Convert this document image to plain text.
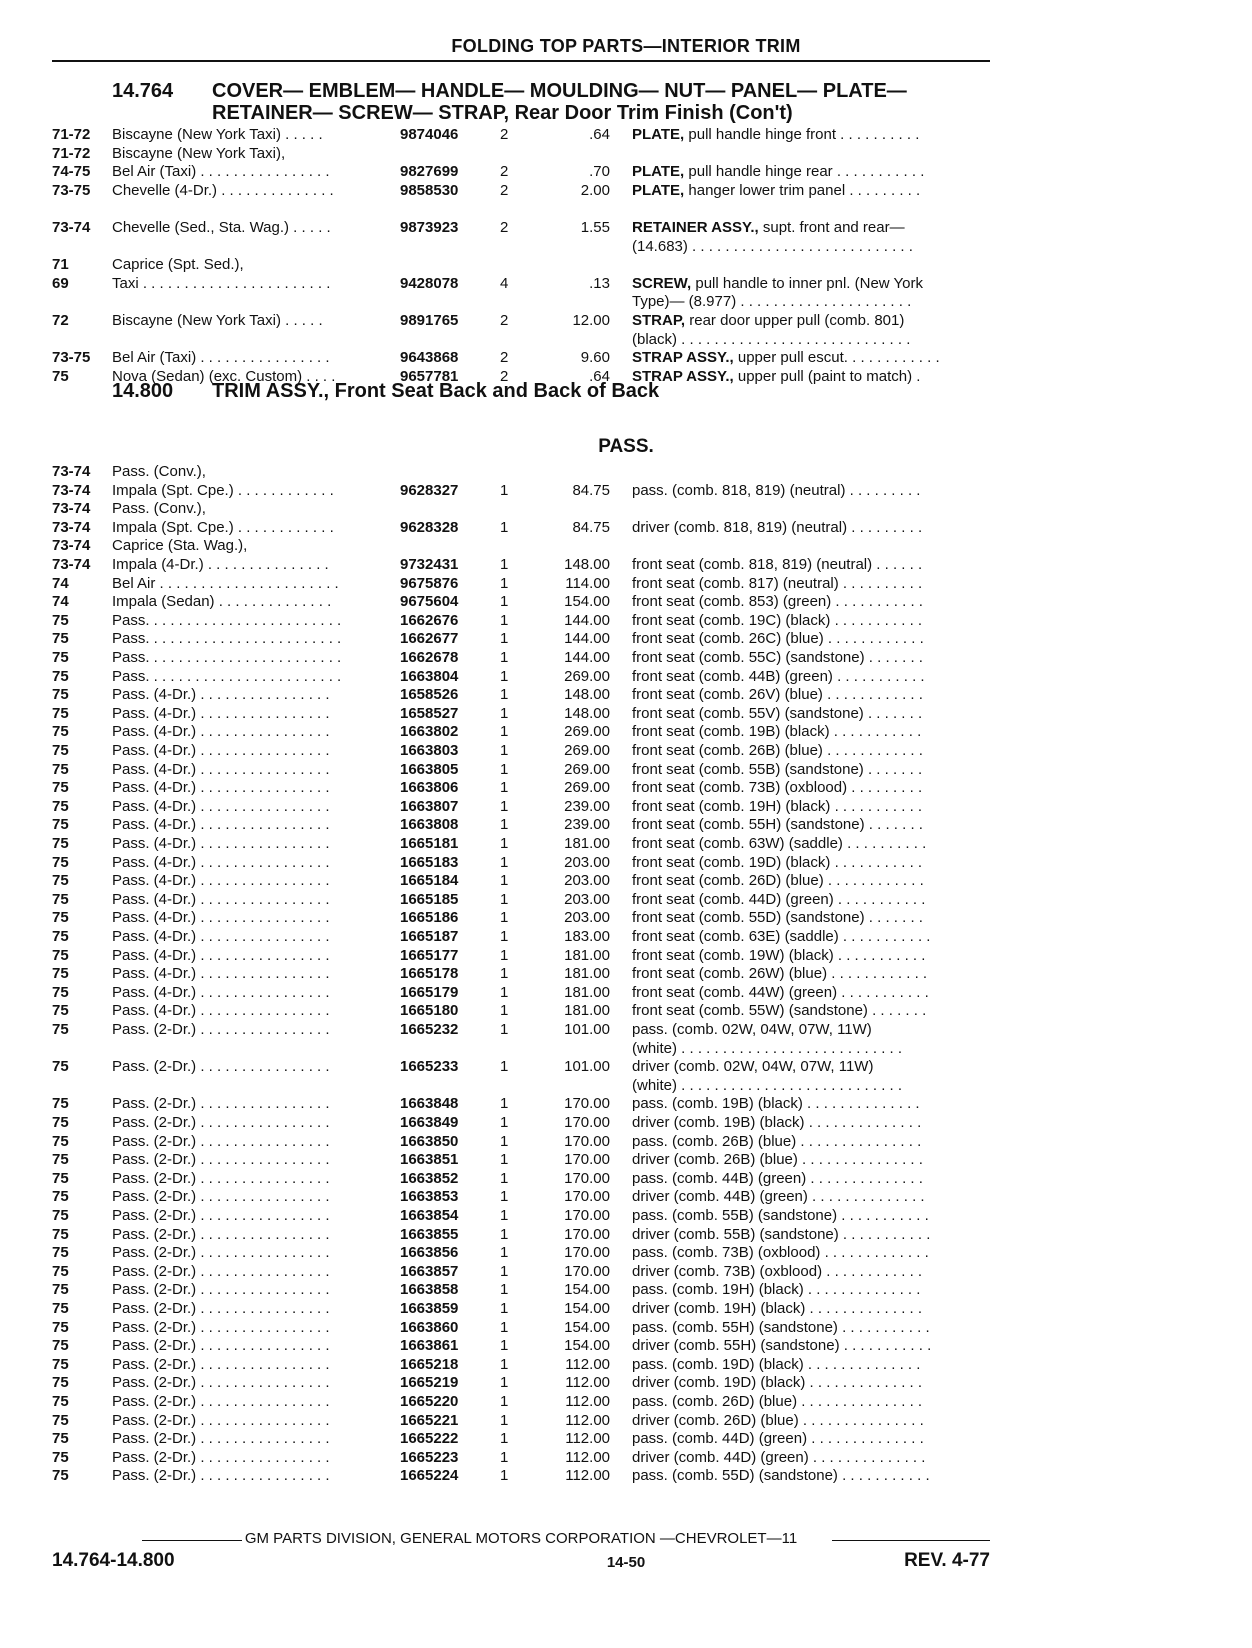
FOLDING TOP PARTS—INTERIOR TRIM
14.764 COVER— EMBLEM— HANDLE— MOULDING— NUT— PANEL— PLATE—
RETAINER— SCREW— STRAP, Rear Door Trim Finish (Con't)
71-72 Biscayne (New York Taxi) . . . . .	9874046	2	.64 PLATE, pull handle hinge front . . . . . . . . . .
71-72 Biscayne (New York Taxi),
74-75 Bel Air (Taxi) . . . . . . . . . . . . . . . .	9827699	2	.70 PLATE, pull handle hinge rear . . . . . . . . . . .
73-75 Chevelle (4-Dr.) . . . . . . . . . . . . . .	9858530	2	2.00 PLATE, hanger lower trim panel . . . . . . . . .
73-74 Chevelle (Sed., Sta. Wag.) . . . . .	9873923	2	1.55 RETAINER ASSY., supt. front and rear—
(14.683) . . . . . . . . . . . . . . . . . . . . . . . . . . .
71	Caprice (Spt. Sed.),
69	Taxi . . . . . . . . . . . . . . . . . . . . . . .	9428078	4	.13 SCREW, pull handle to inner pnl. (New York
Type)— (8.977) . . . . . . . . . . . . . . . . . . . . .
72	Biscayne (New York Taxi) . . . . .	9891765	2	12.00 STRAP, rear door upper pull (comb. 801)
(black) . . . . . . . . . . . . . . . . . . . . . . . . . . . .
73-75 Bel Air (Taxi) . . . . . . . . . . . . . . . .	9643868	2	9.60 STRAP ASSY., upper pull escut. . . . . . . . . . . .
75	Nova (Sedan) (exc. Custom) . . . .	9657781	2	.64 STRAP ASSY., upper pull (paint to match) .
14.800 TRIM ASSY., Front Seat Back and Back of Back
PASS.
73-74 Pass. (Conv.),
73-74 Impala (Spt. Cpe.) . . . . . . . . . . . .	9628327	1	84.75 pass. (comb. 818, 819) (neutral) . . . . . . . . .
73-74 Pass. (Conv.),
73-74 Impala (Spt. Cpe.) . . . . . . . . . . . .	9628328	1	84.75 driver (comb. 818, 819) (neutral) . . . . . . . . .
73-74 Caprice (Sta. Wag.),
73-74 Impala (4-Dr.) . . . . . . . . . . . . . . .	9732431	1	148.00 front seat (comb. 818, 819) (neutral) . . . . . .
74	Bel Air . . . . . . . . . . . . . . . . . . . . . .	9675876	1	114.00 front seat (comb. 817) (neutral) . . . . . . . . . .
74	Impala (Sedan) . . . . . . . . . . . . . .	9675604	1	154.00 front seat (comb. 853) (green) . . . . . . . . . . .
75	Pass. . . . . . . . . . . . . . . . . . . . . . . .	1662676	1	144.00 front seat (comb. 19C) (black) . . . . . . . . . . .
75	Pass. . . . . . . . . . . . . . . . . . . . . . . .	1662677	1	144.00 front seat (comb. 26C) (blue) . . . . . . . . . . . .
75	Pass. . . . . . . . . . . . . . . . . . . . . . . .	1662678	1	144.00 front seat (comb. 55C) (sandstone) . . . . . . .
75	Pass. . . . . . . . . . . . . . . . . . . . . . . .	1663804	1	269.00 front seat (comb. 44B) (green) . . . . . . . . . . .
75	Pass. (4-Dr.) . . . . . . . . . . . . . . . .	1658526	1	148.00 front seat (comb. 26V) (blue) . . . . . . . . . . . .
75	Pass. (4-Dr.) . . . . . . . . . . . . . . . .	1658527	1	148.00 front seat (comb. 55V) (sandstone) . . . . . . .
75	Pass. (4-Dr.) . . . . . . . . . . . . . . . .	1663802	1	269.00 front seat (comb. 19B) (black) . . . . . . . . . . .
75	Pass. (4-Dr.) . . . . . . . . . . . . . . . .	1663803	1	269.00 front seat (comb. 26B) (blue) . . . . . . . . . . . .
75	Pass. (4-Dr.) . . . . . . . . . . . . . . . .	1663805	1	269.00 front seat (comb. 55B) (sandstone) . . . . . . .
75	Pass. (4-Dr.) . . . . . . . . . . . . . . . .	1663806	1	269.00 front seat (comb. 73B) (oxblood) . . . . . . . . .
75	Pass. (4-Dr.) . . . . . . . . . . . . . . . .	1663807	1	239.00 front seat (comb. 19H) (black) . . . . . . . . . . .
75	Pass. (4-Dr.) . . . . . . . . . . . . . . . .	1663808	1	239.00 front seat (comb. 55H) (sandstone) . . . . . . .
75	Pass. (4-Dr.) . . . . . . . . . . . . . . . .	1665181	1	181.00 front seat (comb. 63W) (saddle) . . . . . . . . . .
75	Pass. (4-Dr.) . . . . . . . . . . . . . . . .	1665183	1	203.00 front seat (comb. 19D) (black) . . . . . . . . . . .
75	Pass. (4-Dr.) . . . . . . . . . . . . . . . .	1665184	1	203.00 front seat (comb. 26D) (blue) . . . . . . . . . . . .
75	Pass. (4-Dr.) . . . . . . . . . . . . . . . .	1665185	1	203.00 front seat (comb. 44D) (green) . . . . . . . . . . .
75	Pass. (4-Dr.) . . . . . . . . . . . . . . . .	1665186	1	203.00 front seat (comb. 55D) (sandstone) . . . . . . .
75	Pass. (4-Dr.) . . . . . . . . . . . . . . . .	1665187	1	183.00 front seat (comb. 63E) (saddle) . . . . . . . . . . .
75	Pass. (4-Dr.) . . . . . . . . . . . . . . . .	1665177	1	181.00 front seat (comb. 19W) (black) . . . . . . . . . . .
75	Pass. (4-Dr.) . . . . . . . . . . . . . . . .	1665178	1	181.00 front seat (comb. 26W) (blue) . . . . . . . . . . . .
75	Pass. (4-Dr.) . . . . . . . . . . . . . . . .	1665179	1	181.00 front seat (comb. 44W) (green) . . . . . . . . . . .
75	Pass. (4-Dr.) . . . . . . . . . . . . . . . .	1665180	1	181.00 front seat (comb. 55W) (sandstone) . . . . . . .
75	Pass. (2-Dr.) . . . . . . . . . . . . . . . .	1665232	1	101.00 pass. (comb. 02W, 04W, 07W, 11W)
(white) . . . . . . . . . . . . . . . . . . . . . . . . . . .
75	Pass. (2-Dr.) . . . . . . . . . . . . . . . .	1665233	1	101.00 driver (comb. 02W, 04W, 07W, 11W)
(white) . . . . . . . . . . . . . . . . . . . . . . . . . . .
75	Pass. (2-Dr.) . . . . . . . . . . . . . . . .	1663848	1	170.00 pass. (comb. 19B) (black) . . . . . . . . . . . . . .
75	Pass. (2-Dr.) . . . . . . . . . . . . . . . .	1663849	1	170.00 driver (comb. 19B) (black) . . . . . . . . . . . . . .
75	Pass. (2-Dr.) . . . . . . . . . . . . . . . .	1663850	1	170.00 pass. (comb. 26B) (blue) . . . . . . . . . . . . . . .
75	Pass. (2-Dr.) . . . . . . . . . . . . . . . .	1663851	1	170.00 driver (comb. 26B) (blue) . . . . . . . . . . . . . . .
75	Pass. (2-Dr.) . . . . . . . . . . . . . . . .	1663852	1	170.00 pass. (comb. 44B) (green) . . . . . . . . . . . . . .
75	Pass. (2-Dr.) . . . . . . . . . . . . . . . .	1663853	1	170.00 driver (comb. 44B) (green) . . . . . . . . . . . . . .
75	Pass. (2-Dr.) . . . . . . . . . . . . . . . .	1663854	1	170.00 pass. (comb. 55B) (sandstone) . . . . . . . . . . .
75	Pass. (2-Dr.) . . . . . . . . . . . . . . . .	1663855	1	170.00 driver (comb. 55B) (sandstone) . . . . . . . . . . .
75	Pass. (2-Dr.) . . . . . . . . . . . . . . . .	1663856	1	170.00 pass. (comb. 73B) (oxblood) . . . . . . . . . . . . .
75	Pass. (2-Dr.) . . . . . . . . . . . . . . . .	1663857	1	170.00 driver (comb. 73B) (oxblood) . . . . . . . . . . . .
75	Pass. (2-Dr.) . . . . . . . . . . . . . . . .	1663858	1	154.00 pass. (comb. 19H) (black) . . . . . . . . . . . . . .
75	Pass. (2-Dr.) . . . . . . . . . . . . . . . .	1663859	1	154.00 driver (comb. 19H) (black) . . . . . . . . . . . . . .
75	Pass. (2-Dr.) . . . . . . . . . . . . . . . .	1663860	1	154.00 pass. (comb. 55H) (sandstone) . . . . . . . . . . .
75	Pass. (2-Dr.) . . . . . . . . . . . . . . . .	1663861	1	154.00 driver (comb. 55H) (sandstone) . . . . . . . . . . .
75	Pass. (2-Dr.) . . . . . . . . . . . . . . . .	1665218	1	112.00 pass. (comb. 19D) (black) . . . . . . . . . . . . . .
75	Pass. (2-Dr.) . . . . . . . . . . . . . . . .	1665219	1	112.00 driver (comb. 19D) (black) . . . . . . . . . . . . . .
75	Pass. (2-Dr.) . . . . . . . . . . . . . . . .	1665220	1	112.00 pass. (comb. 26D) (blue) . . . . . . . . . . . . . . .
75	Pass. (2-Dr.) . . . . . . . . . . . . . . . .	1665221	1	112.00 driver (comb. 26D) (blue) . . . . . . . . . . . . . . .
75	Pass. (2-Dr.) . . . . . . . . . . . . . . . .	1665222	1	112.00 pass. (comb. 44D) (green) . . . . . . . . . . . . . .
75	Pass. (2-Dr.) . . . . . . . . . . . . . . . .	1665223	1	112.00 driver (comb. 44D) (green) . . . . . . . . . . . . . .
75	Pass. (2-Dr.) . . . . . . . . . . . . . . . .	1665224	1	112.00 pass. (comb. 55D) (sandstone) . . . . . . . . . . .
GM PARTS DIVISION, GENERAL MOTORS CORPORATION —CHEVROLET—11
14.764-14.800	14-50	REV. 4-77
